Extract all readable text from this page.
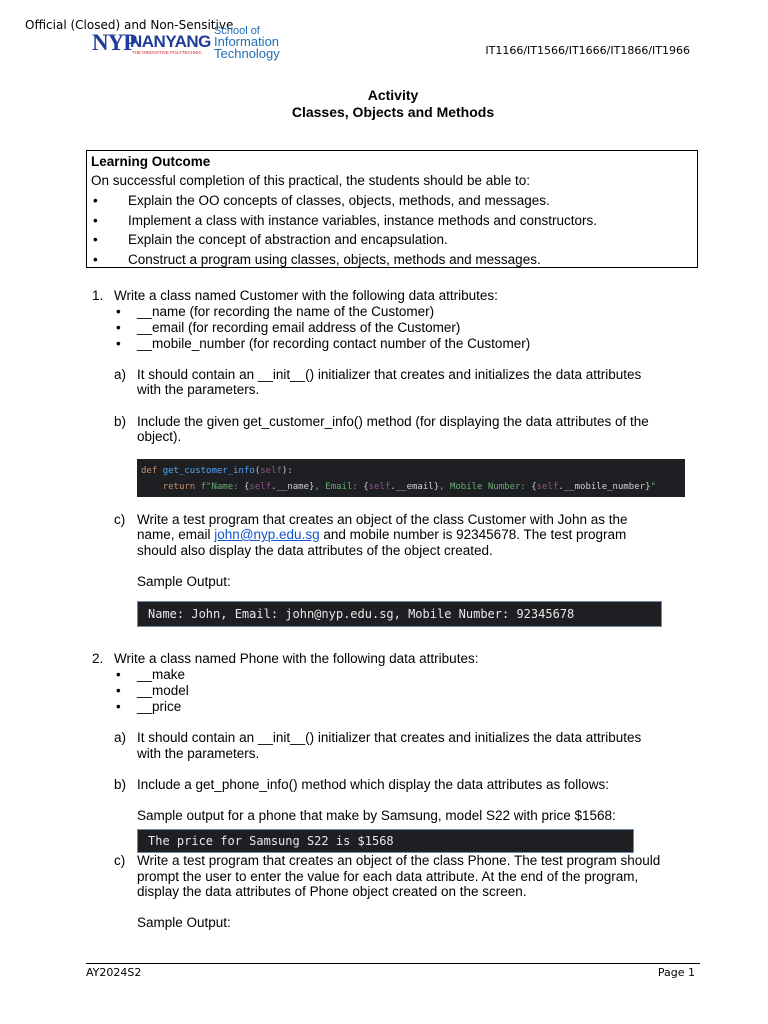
Official (Closed) and Non-Sensitive
NYP
NANYANG
THE INNOVATIVE POLYTECHNIC
School of
Information
Technology	IT1166/IT1566/IT1666/IT1866/IT1966
Activity
Classes, Objects and Methods
Learning Outcome
On successful completion of this practical, the students should be able to:
• Explain the OO concepts of classes, objects, methods, and messages.
• Implement a class with instance variables, instance methods and constructors.
• Explain the concept of abstraction and encapsulation.
• Construct a program using classes, objects, methods and messages.
1. Write a class named Customer with the following data attributes:
• __name (for recording the name of the Customer)
• __email (for recording email address of the Customer)
• __mobile_number (for recording contact number of the Customer)
a) It should contain an __init__() initializer that creates and initializes the data attributes
with the parameters.
b) Include the given get_customer_info() method (for displaying the data attributes of the
object).
def get_customer_info(self):
return f"Name: {self.__name}, Email: {self.__email}, Mobile Number: {self.__mobile_number}"
c) Write a test program that creates an object of the class Customer with John as the
name, email john@nyp.edu.sg and mobile number is 92345678. The test program
should also display the data attributes of the object created.
Sample Output:
Name: John, Email: john@nyp.edu.sg, Mobile Number: 92345678
2. Write a class named Phone with the following data attributes:
• __make
• __model
• __price
a) It should contain an __init__() initializer that creates and initializes the data attributes
with the parameters.
b) Include a get_phone_info() method which display the data attributes as follows:
Sample output for a phone that make by Samsung, model S22 with price $1568:
The price for Samsung S22 is $1568
c) Write a test program that creates an object of the class Phone. The test program should
prompt the user to enter the value for each data attribute. At the end of the program,
display the data attributes of Phone object created on the screen.
Sample Output:
AY2024S2	Page 1
